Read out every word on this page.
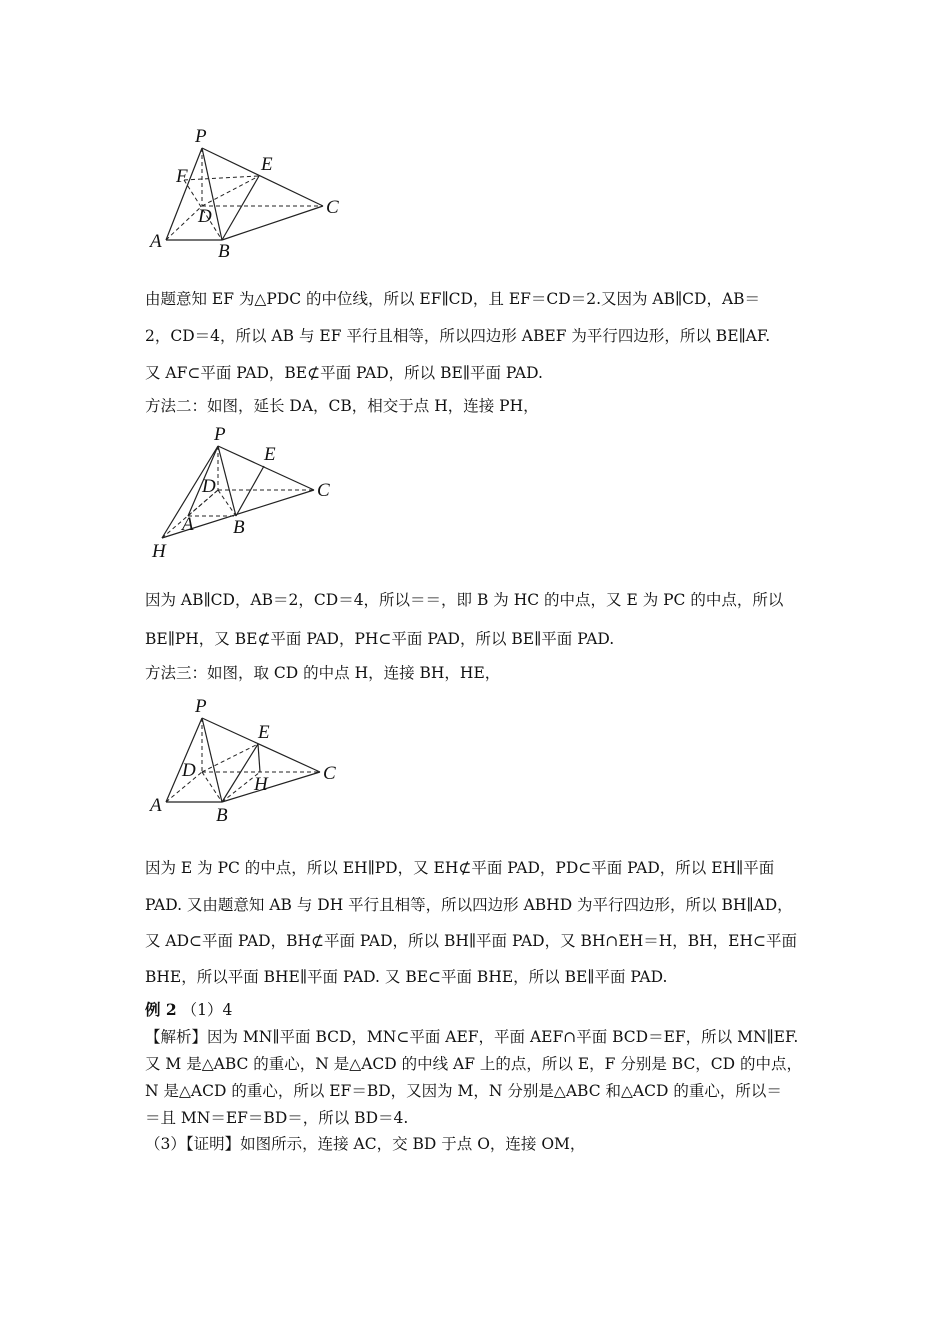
P
E
F
D	C
A	B
由题意知 EF 为△PDC 的中位线，所以 EF∥CD，且 EF＝CD＝2.又因为 AB∥CD，AB＝
2，CD＝4，所以 AB 与 EF 平行且相等，所以四边形 ABEF 为平行四边形，所以 BE∥AF.
又 AF⊂平面 PAD，BE⊄平面 PAD，所以 BE∥平面 PAD.
方法二：如图，延长 DA，CB，相交于点 H，连接 PH，
P
E
D	C
A B
H
因为 AB∥CD，AB＝2，CD＝4，所以＝＝，即 B 为 HC 的中点，又 E 为 PC 的中点，所以
BE∥PH，又 BE⊄平面 PAD，PH⊂平面 PAD，所以 BE∥平面 PAD.
方法三：如图，取 CD 的中点 H，连接 BH，HE，
P
E
D
H
C
A	B
因为 E 为 PC 的中点，所以 EH∥PD，又 EH⊄平面 PAD，PD⊂平面 PAD，所以 EH∥平面
PAD. 又由题意知 AB 与 DH 平行且相等，所以四边形 ABHD 为平行四边形，所以 BH∥AD，
又 AD⊂平面 PAD，BH⊄平面 PAD，所以 BH∥平面 PAD，又 BH∩EH＝H，BH，EH⊂平面
BHE，所以平面 BHE∥平面 PAD. 又 BE⊂平面 BHE，所以 BE∥平面 PAD.
例 2 （1）4
【解析】因为 MN∥平面 BCD，MN⊂平面 AEF，平面 AEF∩平面 BCD＝EF，所以 MN∥EF.
又 M 是△ABC 的重心，N 是△ACD 的中线 AF 上的点，所以 E，F 分别是 BC，CD 的中点，
N 是△ACD 的重心，所以 EF＝BD，又因为 M，N 分别是△ABC 和△ACD 的重心，所以＝
＝且 MN＝EF＝BD＝，所以 BD＝4.
（3）【证明】如图所示，连接 AC，交 BD 于点 O，连接 OM，
